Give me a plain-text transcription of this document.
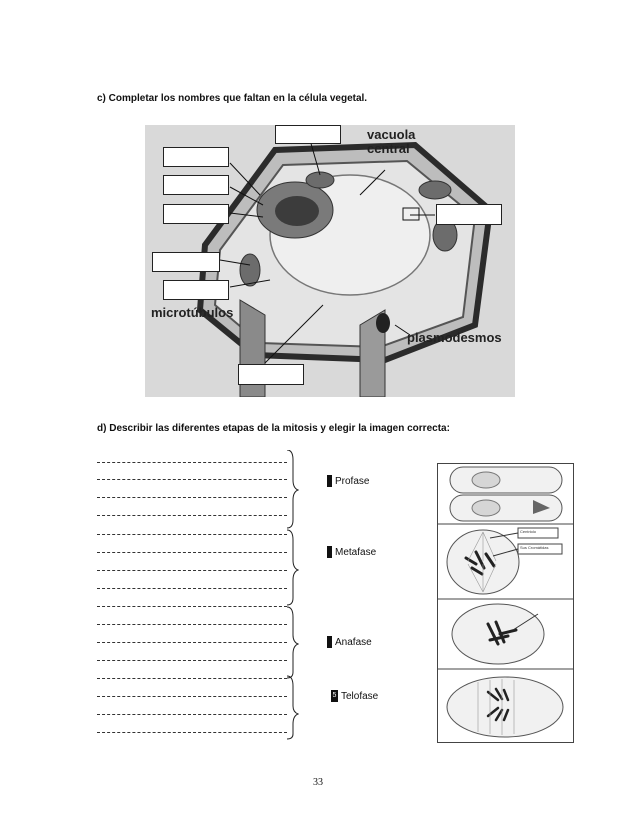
c) Completar los nombres que faltan en la célula vegetal.
vacuola
central
microtúbulos
plasmodesmos
d) Describir las diferentes etapas de la mitosis y elegir la imagen correcta:
Profase
Metafase
Anafase
5 Telofase
Centriolo
Sus Cromátidas
33
